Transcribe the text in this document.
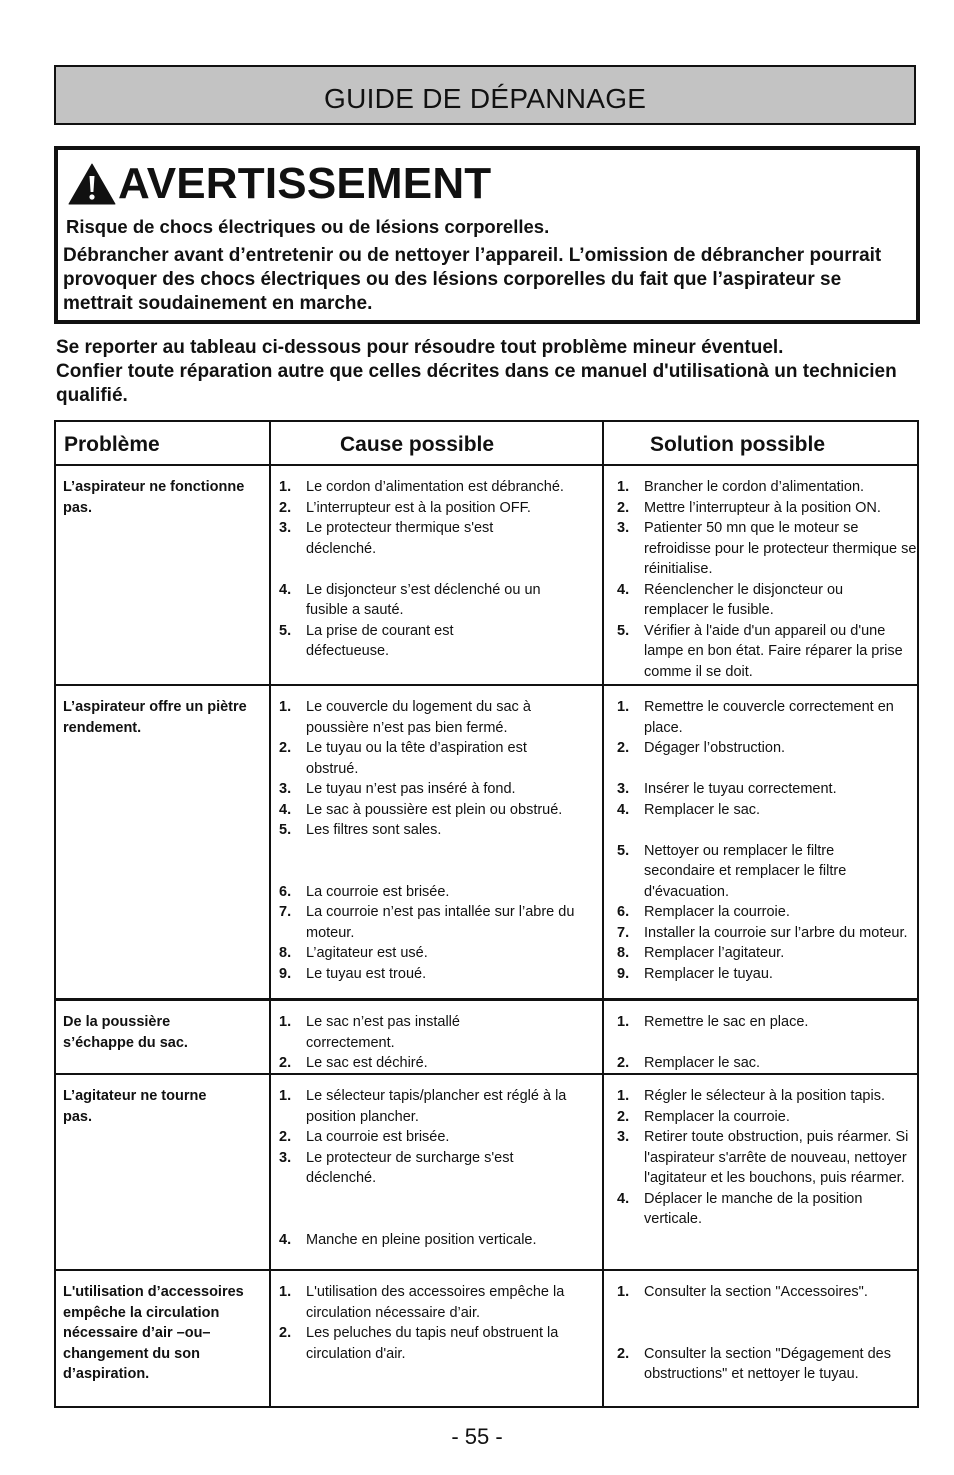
GUIDE DE DÉPANNAGE
AVERTISSEMENT
Risque de chocs électriques ou de lésions corporelles.
Débrancher avant d’entretenir ou de nettoyer l’appareil. L’omission de débrancher pourrait provoquer des chocs électriques ou des lésions corporelles du fait que l’aspirateur se mettrait soudainement en marche.
Se reporter au tableau ci-dessous pour résoudre tout problème mineur éventuel.
Confier toute réparation autre que celles décrites dans ce manuel d'utilisationà un technicien qualifié.
Problème	Cause possible	Solution possible
L’aspirateur ne fonctionne pas.
1. Le cordon d’alimentation est débranché.
2. L’interrupteur est à la position OFF.
3. Le protecteur thermique s'est déclenché.
4. Le disjoncteur s’est déclenché ou un fusible a sauté.
5. La prise de courant est défectueuse.
1. Brancher le cordon d’alimentation.
2. Mettre l’interrupteur à la position ON.
3. Patienter 50 mn que le moteur se refroidisse pour le protecteur thermique se réinitialise.
4. Réenclencher le disjoncteur ou remplacer le fusible.
5. Vérifier à l'aide d'un appareil ou d'une lampe en bon état. Faire réparer la prise comme il se doit.
L’aspirateur offre un piètre rendement.
1. Le couvercle du logement du sac à poussière n’est pas bien fermé.
2. Le tuyau ou la tête d’aspiration est obstrué.
3. Le tuyau n’est pas inséré à fond.
4. Le sac à poussière est plein ou obstrué.
5. Les filtres sont sales.
6. La courroie est brisée.
7. La courroie n’est pas intallée sur l’abre du moteur.
8. L’agitateur est usé.
9. Le tuyau est troué.
1. Remettre le couvercle correctement en place.
2. Dégager l’obstruction.
3. Insérer le tuyau correctement.
4. Remplacer le sac.
5. Nettoyer ou remplacer le filtre secondaire et remplacer le filtre d'évacuation.
6. Remplacer la courroie.
7. Installer la courroie sur l’arbre du moteur.
8. Remplacer l’agitateur.
9. Remplacer le tuyau.
De la poussière s’échappe du sac.
1. Le sac n’est pas installé correctement.
2. Le sac est déchiré.
1. Remettre le sac en place.
2. Remplacer le sac.
L’agitateur ne tourne pas.
1. Le sélecteur tapis/plancher est réglé à la position plancher.
2. La courroie est brisée.
3. Le protecteur de surcharge s'est déclenché.
4. Manche en pleine position verticale.
1. Régler le sélecteur à la position tapis.
2. Remplacer la courroie.
3. Retirer toute obstruction, puis réarmer. Si l'aspirateur s'arrête de nouveau, nettoyer l'agitateur et les bouchons, puis réarmer.
4. Déplacer le manche de la position verticale.
L'utilisation d’accessoires empêche la circulation nécessaire d’air –ou– changement du son d’aspiration.
1. L'utilisation des accessoires empêche la circulation nécessaire d’air.
2. Les peluches du tapis neuf obstruent la circulation d'air.
1. Consulter la section "Accessoires".
2. Consulter la section "Dégagement des obstructions" et nettoyer le tuyau.
- 55 -
